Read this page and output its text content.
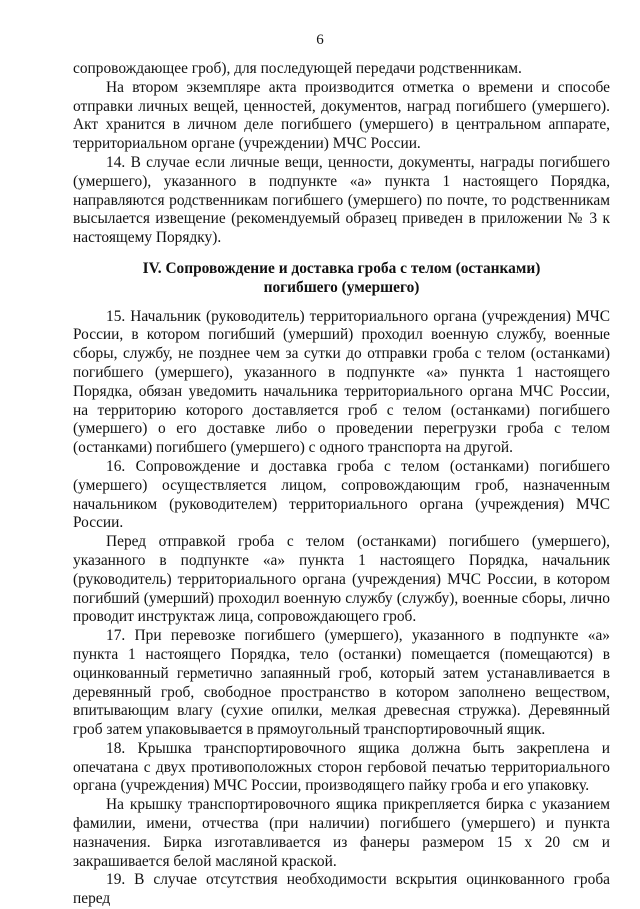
6

сопровождающее гроб), для последующей передачи родственникам.

На втором экземпляре акта производится отметка о времени и способе отправки личных вещей, ценностей, документов, наград погибшего (умершего). Акт хранится в личном деле погибшего (умершего) в центральном аппарате, территориальном органе (учреждении) МЧС России.

14. В случае если личные вещи, ценности, документы, награды погибшего (умершего), указанного в подпункте «а» пункта 1 настоящего Порядка, направляются родственникам погибшего (умершего) по почте, то родственникам высылается извещение (рекомендуемый образец приведен в приложении № 3 к настоящему Порядку).

IV. Сопровождение и доставка гроба с телом (останками)
погибшего (умершего)

15. Начальник (руководитель) территориального органа (учреждения) МЧС России, в котором погибший (умерший) проходил военную службу, военные сборы, службу, не позднее чем за сутки до отправки гроба с телом (останками) погибшего (умершего), указанного в подпункте «а» пункта 1 настоящего Порядка, обязан уведомить начальника территориального органа МЧС России, на территорию которого доставляется гроб с телом (останками) погибшего (умершего) о его доставке либо о проведении перегрузки гроба с телом (останками) погибшего (умершего) с одного транспорта на другой.

16. Сопровождение и доставка гроба с телом (останками) погибшего (умершего) осуществляется лицом, сопровождающим гроб, назначенным начальником (руководителем) территориального органа (учреждения) МЧС России.

Перед отправкой гроба с телом (останками) погибшего (умершего), указанного в подпункте «а» пункта 1 настоящего Порядка, начальник (руководитель) территориального органа (учреждения) МЧС России, в котором погибший (умерший) проходил военную службу (службу), военные сборы, лично проводит инструктаж лица, сопровождающего гроб.

17. При перевозке погибшего (умершего), указанного в подпункте «а» пункта 1 настоящего Порядка, тело (останки) помещается (помещаются) в оцинкованный герметично запаянный гроб, который затем устанавливается в деревянный гроб, свободное пространство в котором заполнено веществом, впитывающим влагу (сухие опилки, мелкая древесная стружка). Деревянный гроб затем упаковывается в прямоугольный транспортировочный ящик.

18. Крышка транспортировочного ящика должна быть закреплена и опечатана с двух противоположных сторон гербовой печатью территориального органа (учреждения) МЧС России, производящего пайку гроба и его упаковку.

На крышку транспортировочного ящика прикрепляется бирка с указанием фамилии, имени, отчества (при наличии) погибшего (умершего) и пункта назначения. Бирка изготавливается из фанеры размером 15 х 20 см и закрашивается белой масляной краской.

19. В случае отсутствия необходимости вскрытия оцинкованного гроба перед
